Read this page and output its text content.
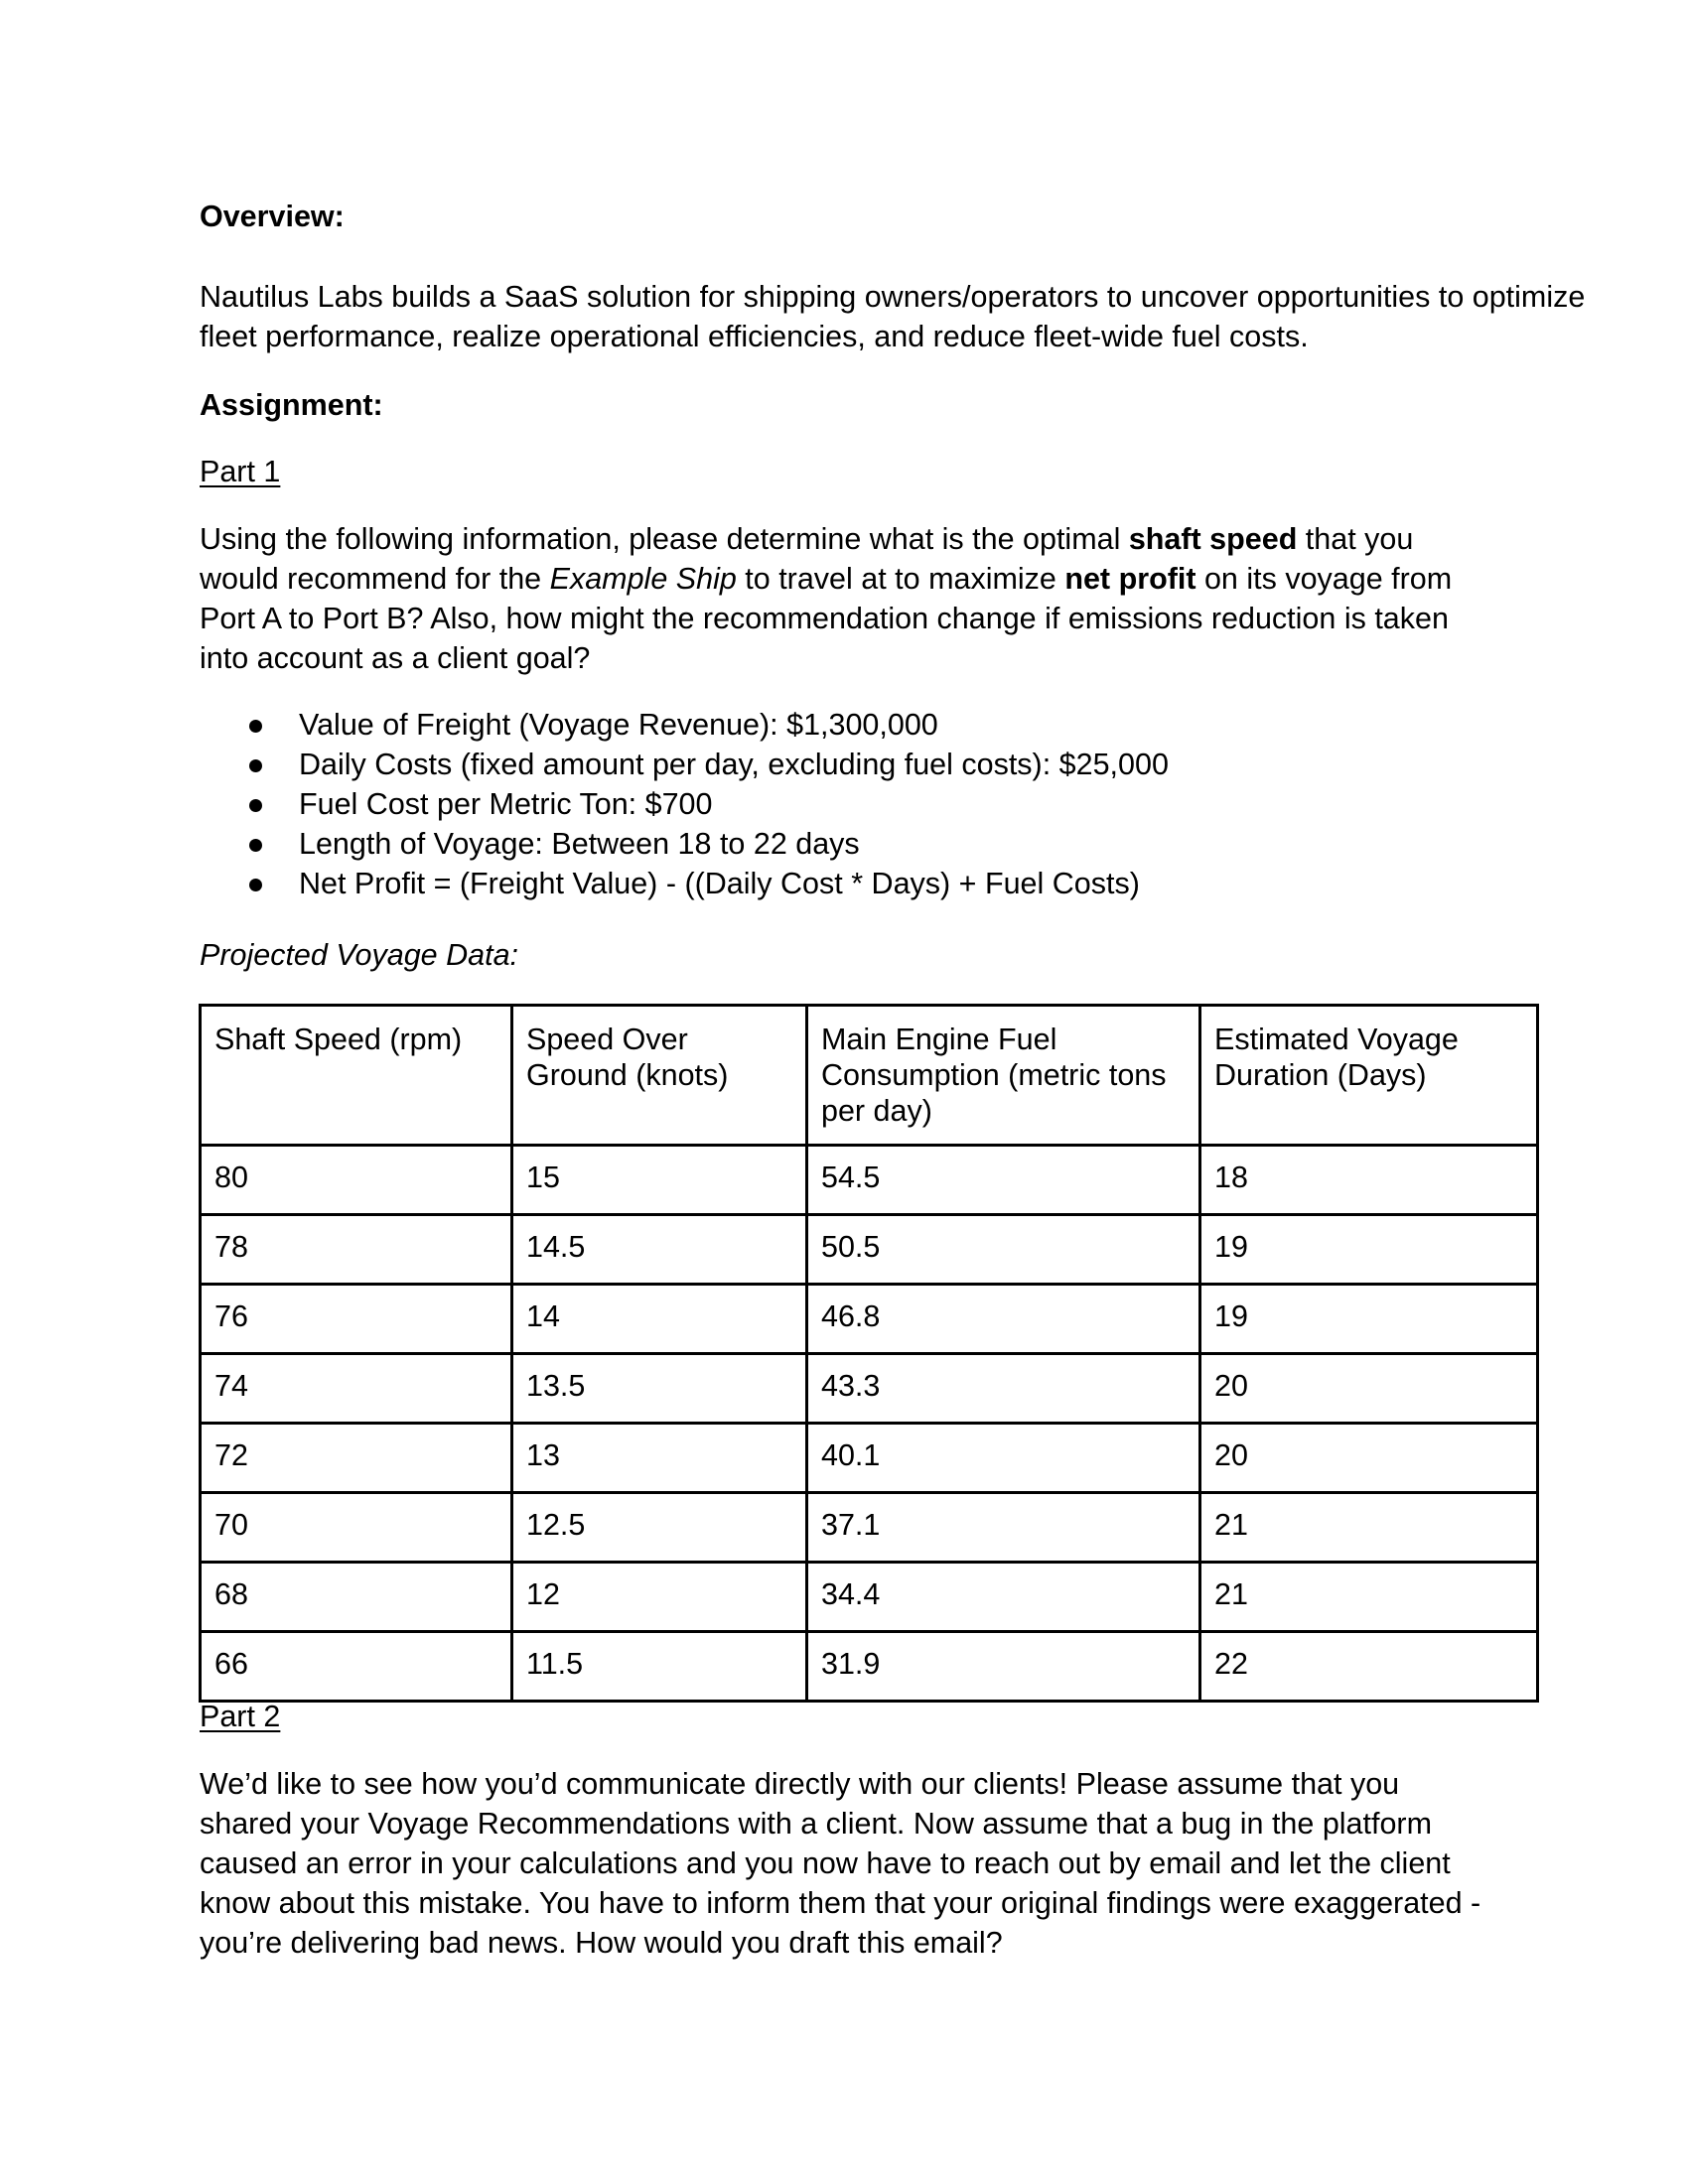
Overview:
Nautilus Labs builds a SaaS solution for shipping owners/operators to uncover opportunities to optimize
fleet performance, realize operational efficiencies, and reduce fleet-wide fuel costs.
Assignment:
Part 1
Using the following information, please determine what is the optimal shaft speed that you
would recommend for the Example Ship to travel at to maximize net profit on its voyage from
Port A to Port B? Also, how might the recommendation change if emissions reduction is taken
into account as a client goal?
Value of Freight (Voyage Revenue): $1,300,000
Daily Costs (fixed amount per day, excluding fuel costs): $25,000
Fuel Cost per Metric Ton: $700
Length of Voyage: Between 18 to 22 days
Net Profit = (Freight Value) - ((Daily Cost * Days) + Fuel Costs)
Projected Voyage Data:
Shaft Speed (rpm)	Speed Over Ground (knots)	Main Engine Fuel Consumption (metric tons per day)	Estimated Voyage Duration (Days)
80	15	54.5	18
78	14.5	50.5	19
76	14	46.8	19
74	13.5	43.3	20
72	13	40.1	20
70	12.5	37.1	21
68	12	34.4	21
66	11.5	31.9	22
Part 2
We’d like to see how you’d communicate directly with our clients! Please assume that you
shared your Voyage Recommendations with a client. Now assume that a bug in the platform
caused an error in your calculations and you now have to reach out by email and let the client
know about this mistake. You have to inform them that your original findings were exaggerated -
you’re delivering bad news. How would you draft this email?
